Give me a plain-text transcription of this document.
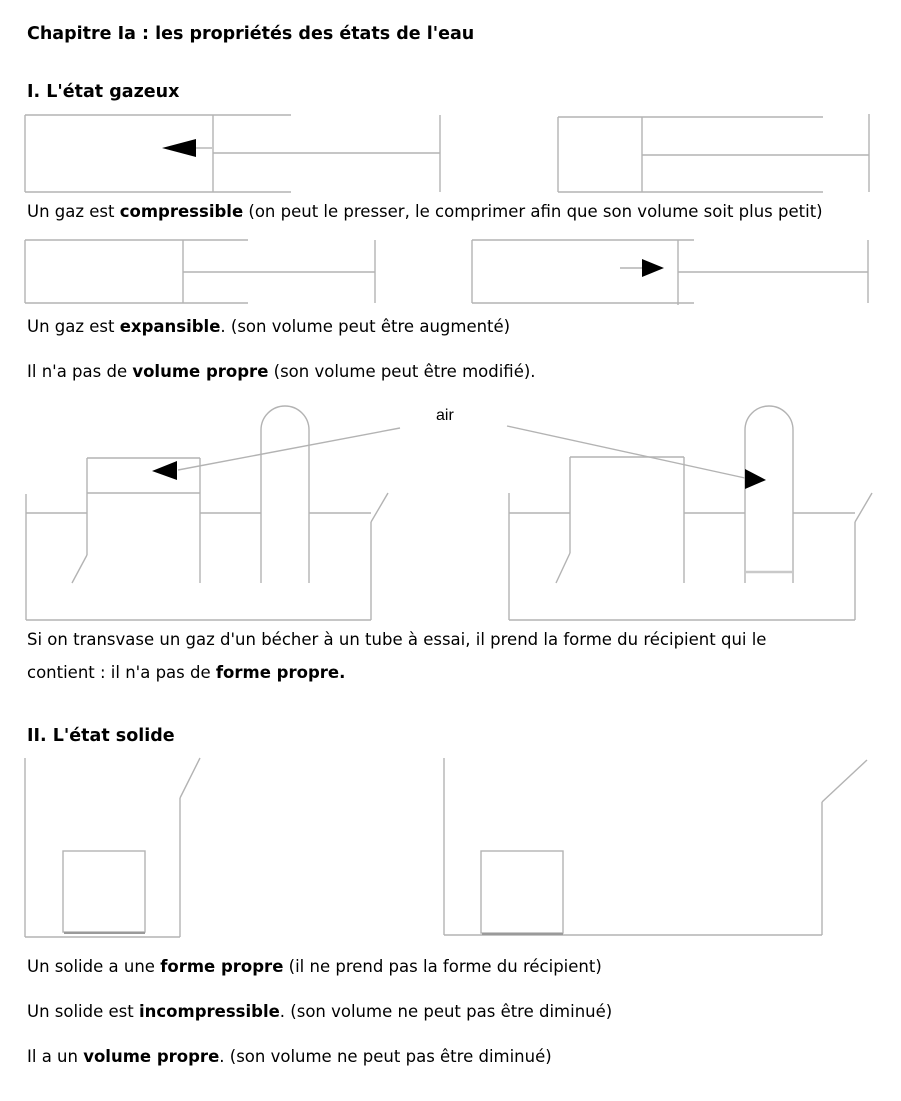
Chapitre Ia : les propriétés des états de l'eau
I. L'état gazeux

Un gaz est compressible (on peut le presser, le comprimer afin que son volume soit plus petit)

Un gaz est expansible. (son volume peut être augmenté)

Il n'a pas de volume propre (son volume peut être modifié).

air

Si on transvase un gaz d'un bécher à un tube à essai, il prend la forme du récipient qui le

contient : il n'a pas de forme propre.

II. L'état solide

Un solide a une forme propre (il ne prend pas la forme du récipient)

Un solide est incompressible. (son volume ne peut pas être diminué)

Il a un volume propre. (son volume ne peut pas être diminué)
